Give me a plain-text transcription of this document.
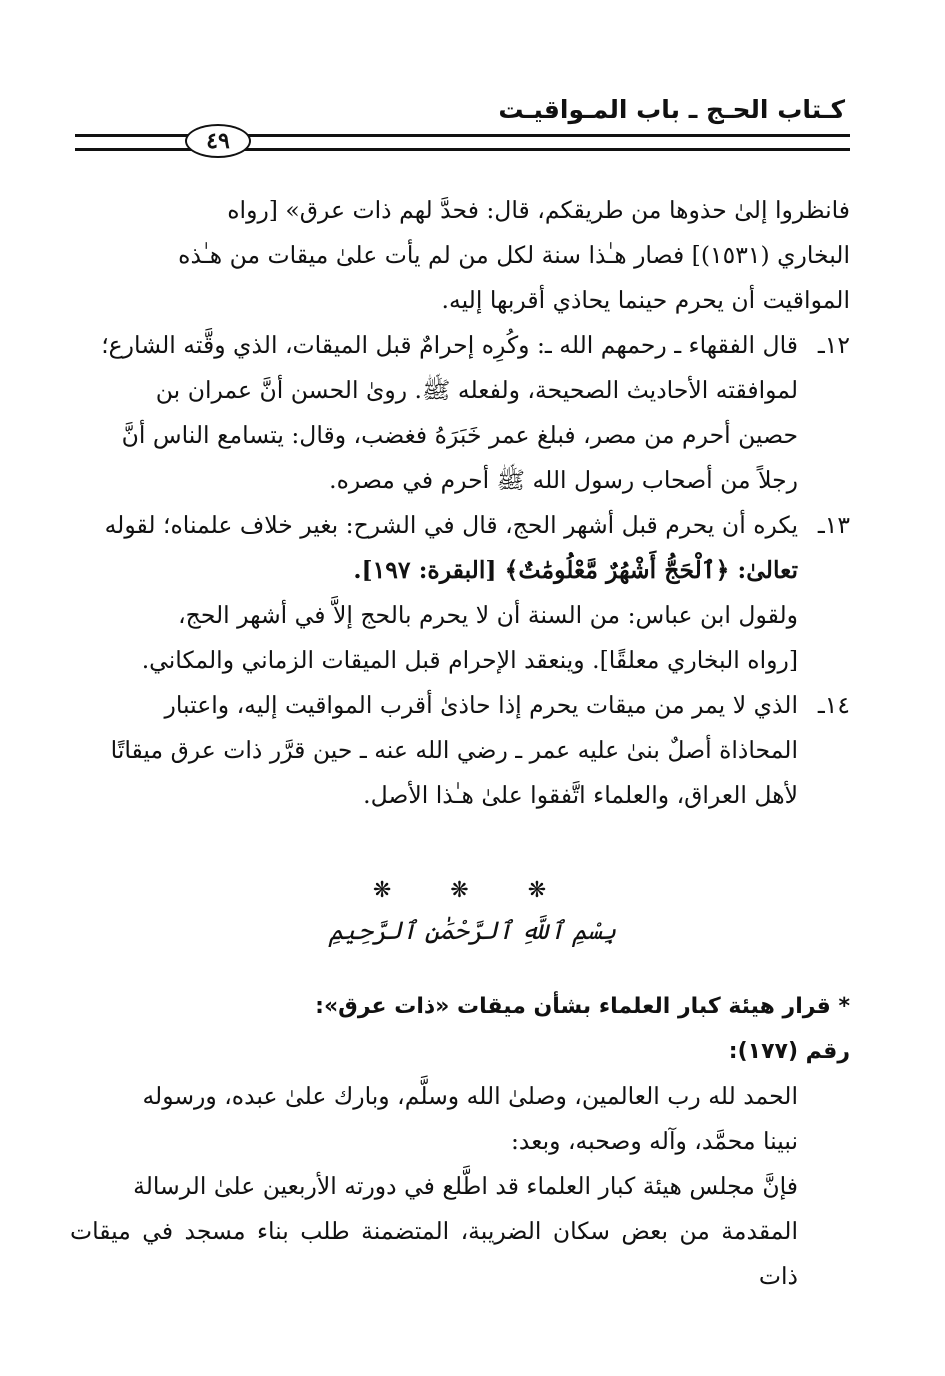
كـتاب الحـج ـ باب المـواقيـت
٤٩
فانظروا إلىٰ حذوها من طريقكم، قال: فحدَّ لهم ذات عرق» [رواه
البخاري (١٥٣١)] فصار هـٰذا سنة لكل من لم يأت علىٰ ميقات من هـٰذه
المواقيت أن يحرم حينما يحاذي أقربها إليه.
١٢ـ
قال الفقهاء ـ رحمهم الله ـ: وكُرِه إحرامٌ قبل الميقات، الذي وقَّته الشارع؛
لموافقته الأحاديث الصحيحة، ولفعله ﷺ. روىٰ الحسن أنَّ عمران بن
حصين أحرم من مصر، فبلغ عمر خَبَرَهُ فغضب، وقال: يتسامع الناس أنَّ
رجلاً من أصحاب رسول الله ﷺ أحرم في مصره.
١٣ـ
يكره أن يحرم قبل أشهر الحج، قال في الشرح: بغير خلاف علمناه؛ لقوله
تعالىٰ: ﴿ٱلْحَجُّ أَشْهُرٌ مَّعْلُومَٰتٌ﴾ [البقرة: ١٩٧].
ولقول ابن عباس: من السنة أن لا يحرم بالحج إلاَّ في أشهر الحج،
[رواه البخاري معلقًا]. وينعقد الإحرام قبل الميقات الزماني والمكاني.
١٤ـ
الذي لا يمر من ميقات يحرم إذا حاذىٰ أقرب المواقيت إليه، واعتبار
المحاذاة أصلٌ بنىٰ عليه عمر ـ رضي الله عنه ـ حين قرَّر ذات عرق ميقاتًا
لأهل العراق، والعلماء اتَّفقوا علىٰ هـٰذا الأصل.
❋ ❋ ❋
بِسْمِ ٱللَّهِ ٱلرَّحْمَٰنِ ٱلرَّحِيمِ
* قرار هيئة كبار العلماء بشأن ميقات «ذات عرق»:
رقم (١٧٧):
الحمد لله رب العالمين، وصلىٰ الله وسلَّم، وبارك علىٰ عبده، ورسوله
نبينا محمَّد، وآله وصحبه، وبعد:
فإنَّ مجلس هيئة كبار العلماء قد اطَّلع في دورته الأربعين علىٰ الرسالة
المقدمة من بعض سكان الضريبة، المتضمنة طلب بناء مسجد في ميقات ذات
